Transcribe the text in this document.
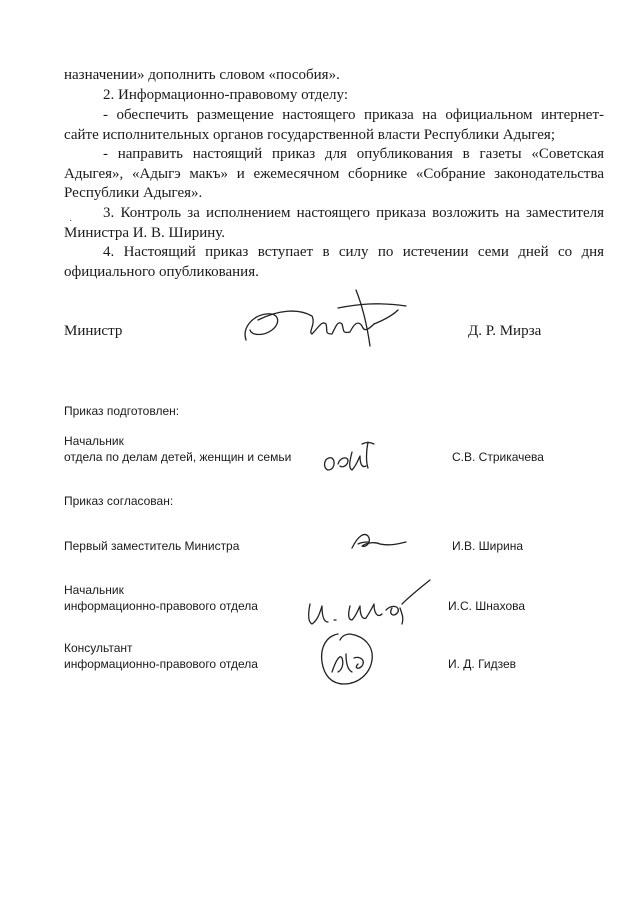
назначении» дополнить словом «пособия».

2. Информационно-правовому отделу:

- обеспечить размещение настоящего приказа на официальном интернет-сайте исполнительных органов государственной власти Республики Адыгея;

- направить настоящий приказ для опубликования в газеты «Советская Адыгея», «Адыгэ макъ» и ежемесячном сборнике «Собрание законодательства Республики Адыгея».

·

3. Контроль за исполнением настоящего приказа возложить на заместителя Министра И. В. Ширину.

4. Настоящий приказ вступает в силу по истечении семи дней со дня официального опубликования.

Министр	Д. Р. Мирза
Приказ подготовлен:
Начальник
отдела по делам детей, женщин и семьи	С.В. Стрикачева
Приказ согласован:
Первый заместитель Министра	И.В. Ширина
Начальник
информационно-правового отдела	И.С. Шнахова
Консультант
информационно-правового отдела	И. Д. Гидзев
